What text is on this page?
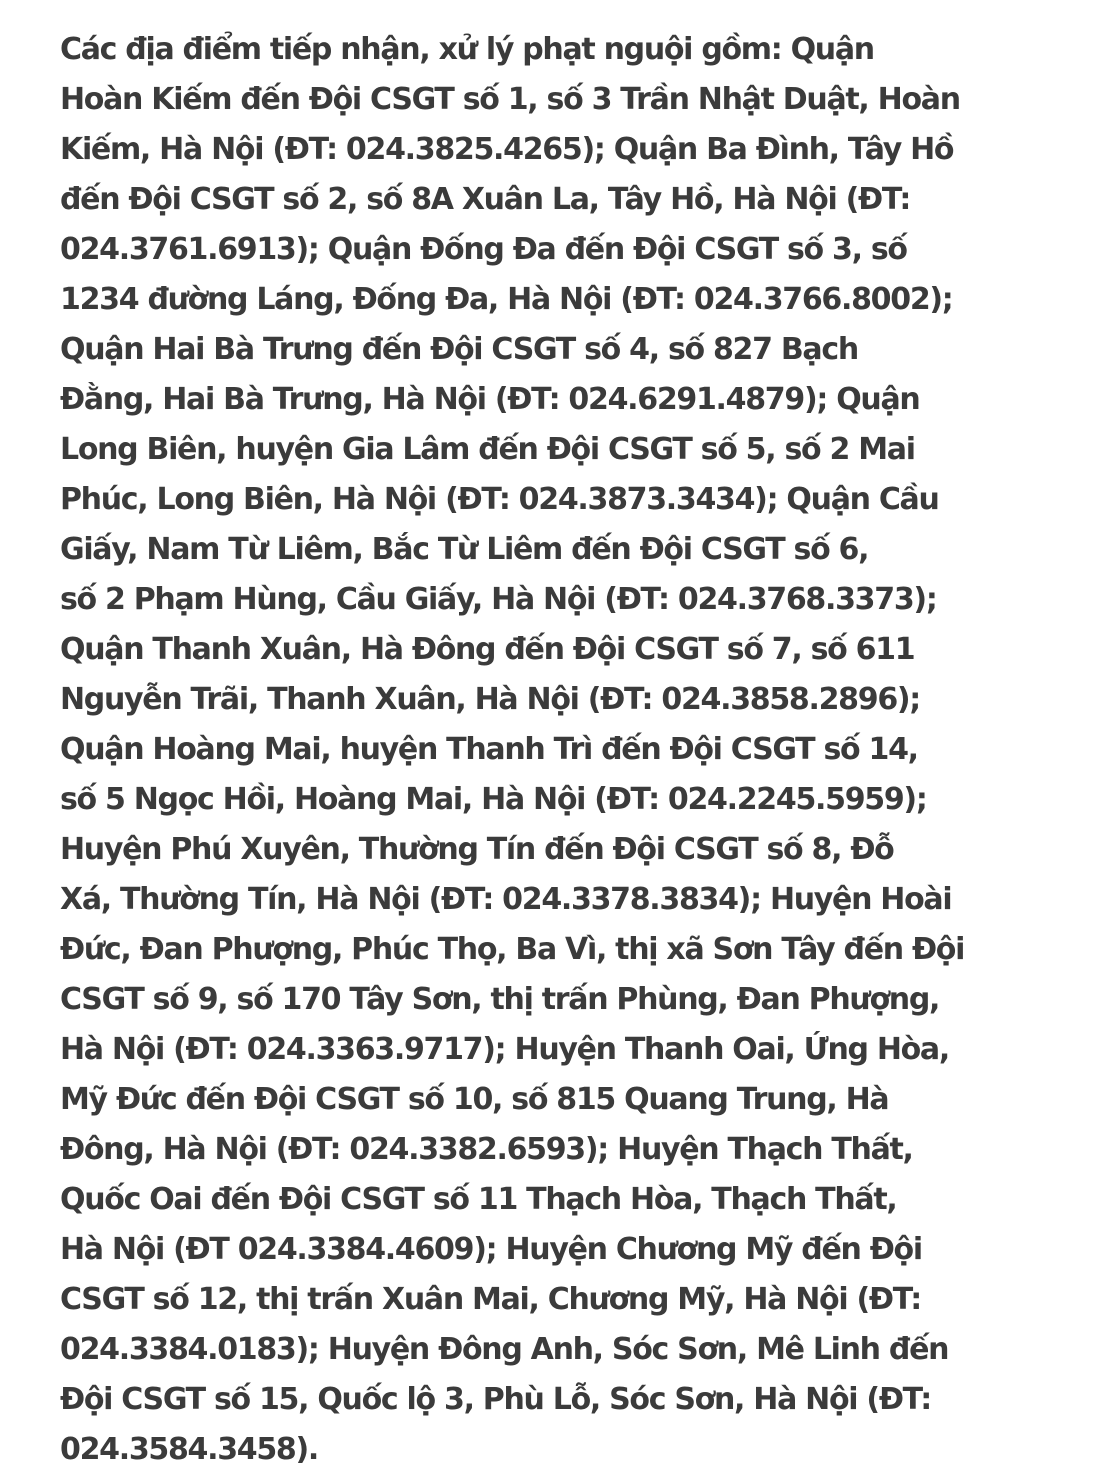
Các địa điểm tiếp nhận, xử lý phạt nguội gồm: Quận
Hoàn Kiếm đến Đội CSGT số 1, số 3 Trần Nhật Duật, Hoàn
Kiếm, Hà Nội (ĐT: 024.3825.4265); Quận Ba Đình, Tây Hồ
đến Đội CSGT số 2, số 8A Xuân La, Tây Hồ, Hà Nội (ĐT:
024.3761.6913); Quận Đống Đa đến Đội CSGT số 3, số
1234 đường Láng, Đống Đa, Hà Nội (ĐT: 024.3766.8002);
Quận Hai Bà Trưng đến Đội CSGT số 4, số 827 Bạch
Đằng, Hai Bà Trưng, Hà Nội (ĐT: 024.6291.4879); Quận
Long Biên, huyện Gia Lâm đến Đội CSGT số 5, số 2 Mai
Phúc, Long Biên, Hà Nội (ĐT: 024.3873.3434); Quận Cầu
Giấy, Nam Từ Liêm, Bắc Từ Liêm đến Đội CSGT số 6,
số 2 Phạm Hùng, Cầu Giấy, Hà Nội (ĐT: 024.3768.3373);
Quận Thanh Xuân, Hà Đông đến Đội CSGT số 7, số 611
Nguyễn Trãi, Thanh Xuân, Hà Nội (ĐT: 024.3858.2896);
Quận Hoàng Mai, huyện Thanh Trì đến Đội CSGT số 14,
số 5 Ngọc Hồi, Hoàng Mai, Hà Nội (ĐT: 024.2245.5959);
Huyện Phú Xuyên, Thường Tín đến Đội CSGT số 8, Đỗ
Xá, Thường Tín, Hà Nội (ĐT: 024.3378.3834); Huyện Hoài
Đức, Đan Phượng, Phúc Thọ, Ba Vì, thị xã Sơn Tây đến Đội
CSGT số 9, số 170 Tây Sơn, thị trấn Phùng, Đan Phượng,
Hà Nội (ĐT: 024.3363.9717); Huyện Thanh Oai, Ứng Hòa,
Mỹ Đức đến Đội CSGT số 10, số 815 Quang Trung, Hà
Đông, Hà Nội (ĐT: 024.3382.6593); Huyện Thạch Thất,
Quốc Oai đến Đội CSGT số 11 Thạch Hòa, Thạch Thất,
Hà Nội (ĐT 024.3384.4609); Huyện Chương Mỹ đến Đội
CSGT số 12, thị trấn Xuân Mai, Chương Mỹ, Hà Nội (ĐT:
024.3384.0183); Huyện Đông Anh, Sóc Sơn, Mê Linh đến
Đội CSGT số 15, Quốc lộ 3, Phù Lỗ, Sóc Sơn, Hà Nội (ĐT:
024.3584.3458).
